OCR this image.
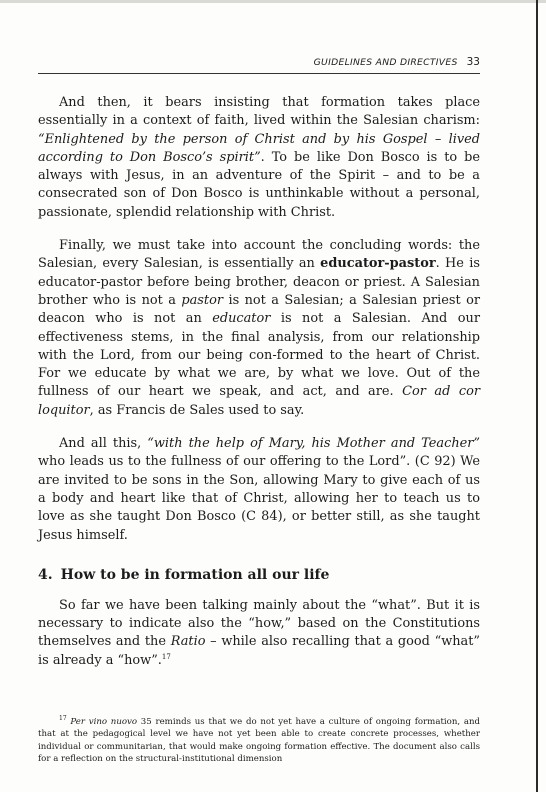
GUIDELINES AND DIRECTIVES 33

And then, it bears insisting that formation takes place essentially in a context of faith, lived within the Salesian charism: “Enlightened by the person of Christ and by his Gospel – lived according to Don Bosco’s spirit”. To be like Don Bosco is to be always with Jesus, in an adventure of the Spirit – and to be a consecrated son of Don Bosco is unthinkable without a personal, passionate, splendid relationship with Christ.

Finally, we must take into account the concluding words: the Salesian, every Salesian, is essentially an educator-pastor. He is educator-pastor before being brother, deacon or priest. A Salesian brother who is not a pastor is not a Salesian; a Salesian priest or deacon who is not an educator is not a Salesian. And our effectiveness stems, in the final analysis, from our relationship with the Lord, from our being con-formed to the heart of Christ. For we educate by what we are, by what we love. Out of the fullness of our heart we speak, and act, and are. Cor ad cor loquitor, as Francis de Sales used to say.

And all this, “with the help of Mary, his Mother and Teacher” who leads us to the fullness of our offering to the Lord”. (C 92) We are invited to be sons in the Son, allowing Mary to give each of us a body and heart like that of Christ, allowing her to teach us to love as she taught Don Bosco (C 84), or better still, as she taught Jesus himself.

4. How to be in formation all our life

So far we have been talking mainly about the “what”. But it is necessary to indicate also the “how,” based on the Constitutions themselves and the Ratio – while also recalling that a good “what” is already a “how”.$^{17}$

$^{17}$ Per vino nuovo 35 reminds us that we do not yet have a culture of ongoing formation, and that at the pedagogical level we have not yet been able to create concrete processes, whether individual or communitarian, that would make ongoing formation effective. The document also calls for a reflection on the structural-institutional dimension
